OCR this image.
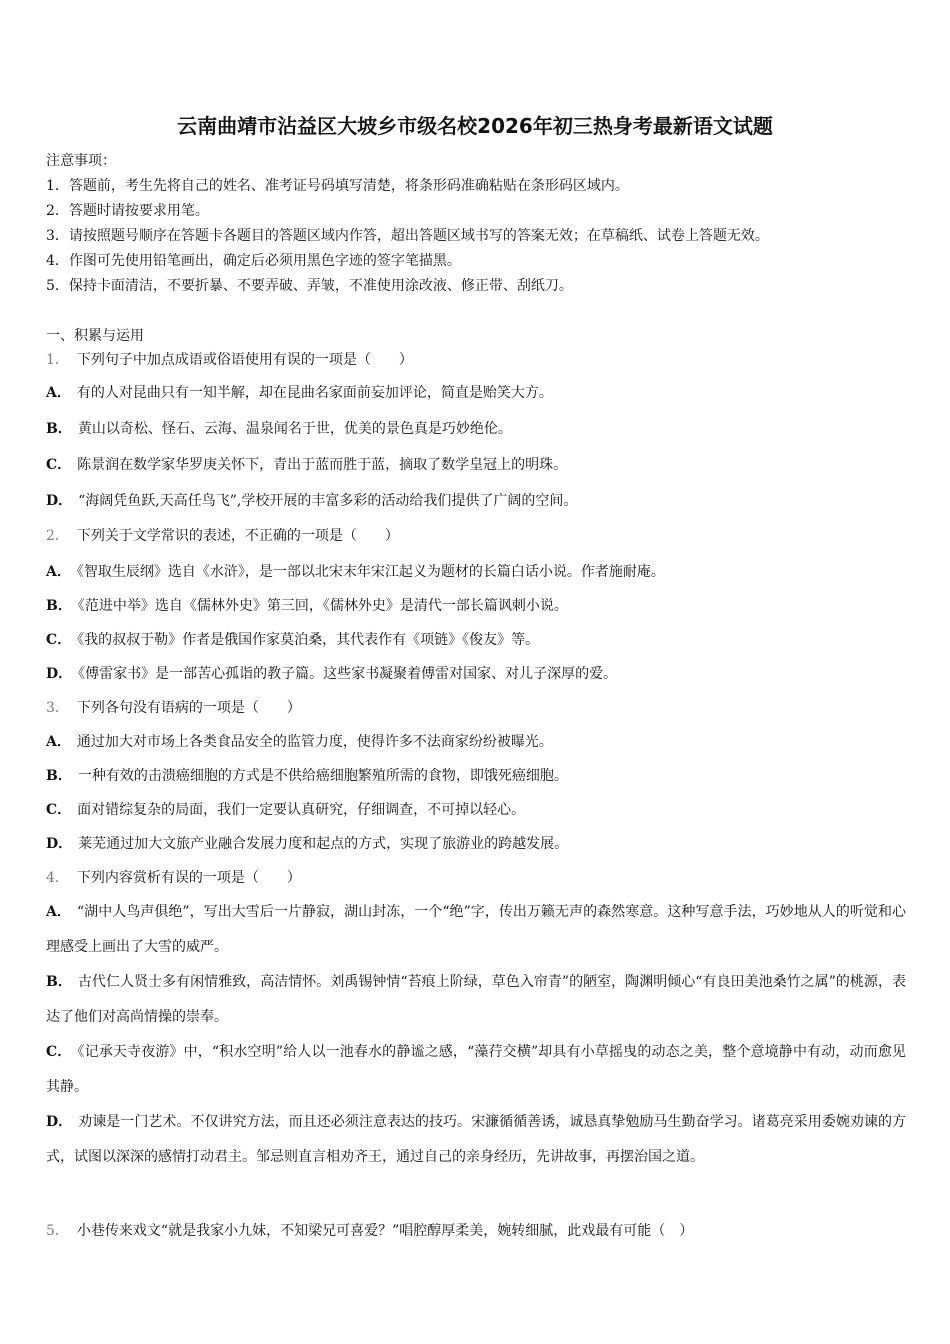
云南曲靖市沾益区大坡乡市级名校2026年初三热身考最新语文试题
注意事项：
1．答题前，考生先将自己的姓名、准考证号码填写清楚，将条形码准确粘贴在条形码区域内。
2．答题时请按要求用笔。
3．请按照题号顺序在答题卡各题目的答题区域内作答，超出答题区域书写的答案无效；在草稿纸、试卷上答题无效。
4．作图可先使用铅笔画出，确定后必须用黑色字迹的签字笔描黑。
5．保持卡面清洁，不要折暴、不要弄破、弄皱，不准使用涂改液、修正带、刮纸刀。
一、积累与运用
1． 下列句子中加点成语或俗语使用有误的一项是（　　）
A． 有的人对昆曲只有一知半解，却在昆曲名家面前妄加评论，简直是贻笑大方。
B． 黄山以奇松、怪石、云海、温泉闻名于世，优美的景色真是巧妙绝伦。
C． 陈景润在数学家华罗庚关怀下，青出于蓝而胜于蓝，摘取了数学皇冠上的明珠。
D． “海阔凭鱼跃,天高任鸟飞”,学校开展的丰富多彩的活动给我们提供了广阔的空间。
2． 下列关于文学常识的表述，不正确的一项是（　　）
A． 《智取生辰纲》选自《水浒》，是一部以北宋末年宋江起义为题材的长篇白话小说。作者施耐庵。
B． 《范进中举》选自《儒林外史》第三回，《儒林外史》是清代一部长篇讽刺小说。
C． 《我的叔叔于勒》作者是俄国作家莫泊桑，其代表作有《项链》《俊友》等。
D． 《傅雷家书》是一部苦心孤诣的教子篇。这些家书凝聚着傅雷对国家、对儿子深厚的爱。
3． 下列各句没有语病的一项是（　　）
A． 通过加大对市场上各类食品安全的监管力度，使得许多不法商家纷纷被曝光。
B． 一种有效的击溃癌细胞的方式是不供给癌细胞繁殖所需的食物，即饿死癌细胞。
C． 面对错综复杂的局面，我们一定要认真研究，仔细调查，不可掉以轻心。
D． 莱芜通过加大文旅产业融合发展力度和起点的方式，实现了旅游业的跨越发展。
4． 下列内容赏析有误的一项是（　　）
A． “湖中人鸟声俱绝”，写出大雪后一片静寂，湖山封冻，一个“绝”字，传出万籁无声的森然寒意。这种写意手法，巧妙地从人的听觉和心理感受上画出了大雪的威严。
B． 古代仁人贤士多有闲情雅致，高洁情怀。刘禹锡钟情“苔痕上阶绿，草色入帘青”的陋室，陶渊明倾心“有良田美池桑竹之属”的桃源，表达了他们对高尚情操的崇奉。
C． 《记承天寺夜游》中，“积水空明”给人以一池春水的静谧之感，“藻荇交横”却具有小草摇曳的动态之美，整个意境静中有动，动而愈见其静。
D． 劝谏是一门艺术。不仅讲究方法，而且还必须注意表达的技巧。宋濂循循善诱，诚恳真挚勉励马生勤奋学习。诸葛亮采用委婉劝谏的方式，试图以深深的感情打动君主。邹忌则直言相劝齐王，通过自己的亲身经历，先讲故事，再摆治国之道。
5． 小巷传来戏文“就是我家小九妹，不知梁兄可喜爱？”唱腔醇厚柔美，婉转细腻，此戏最有可能（　）
